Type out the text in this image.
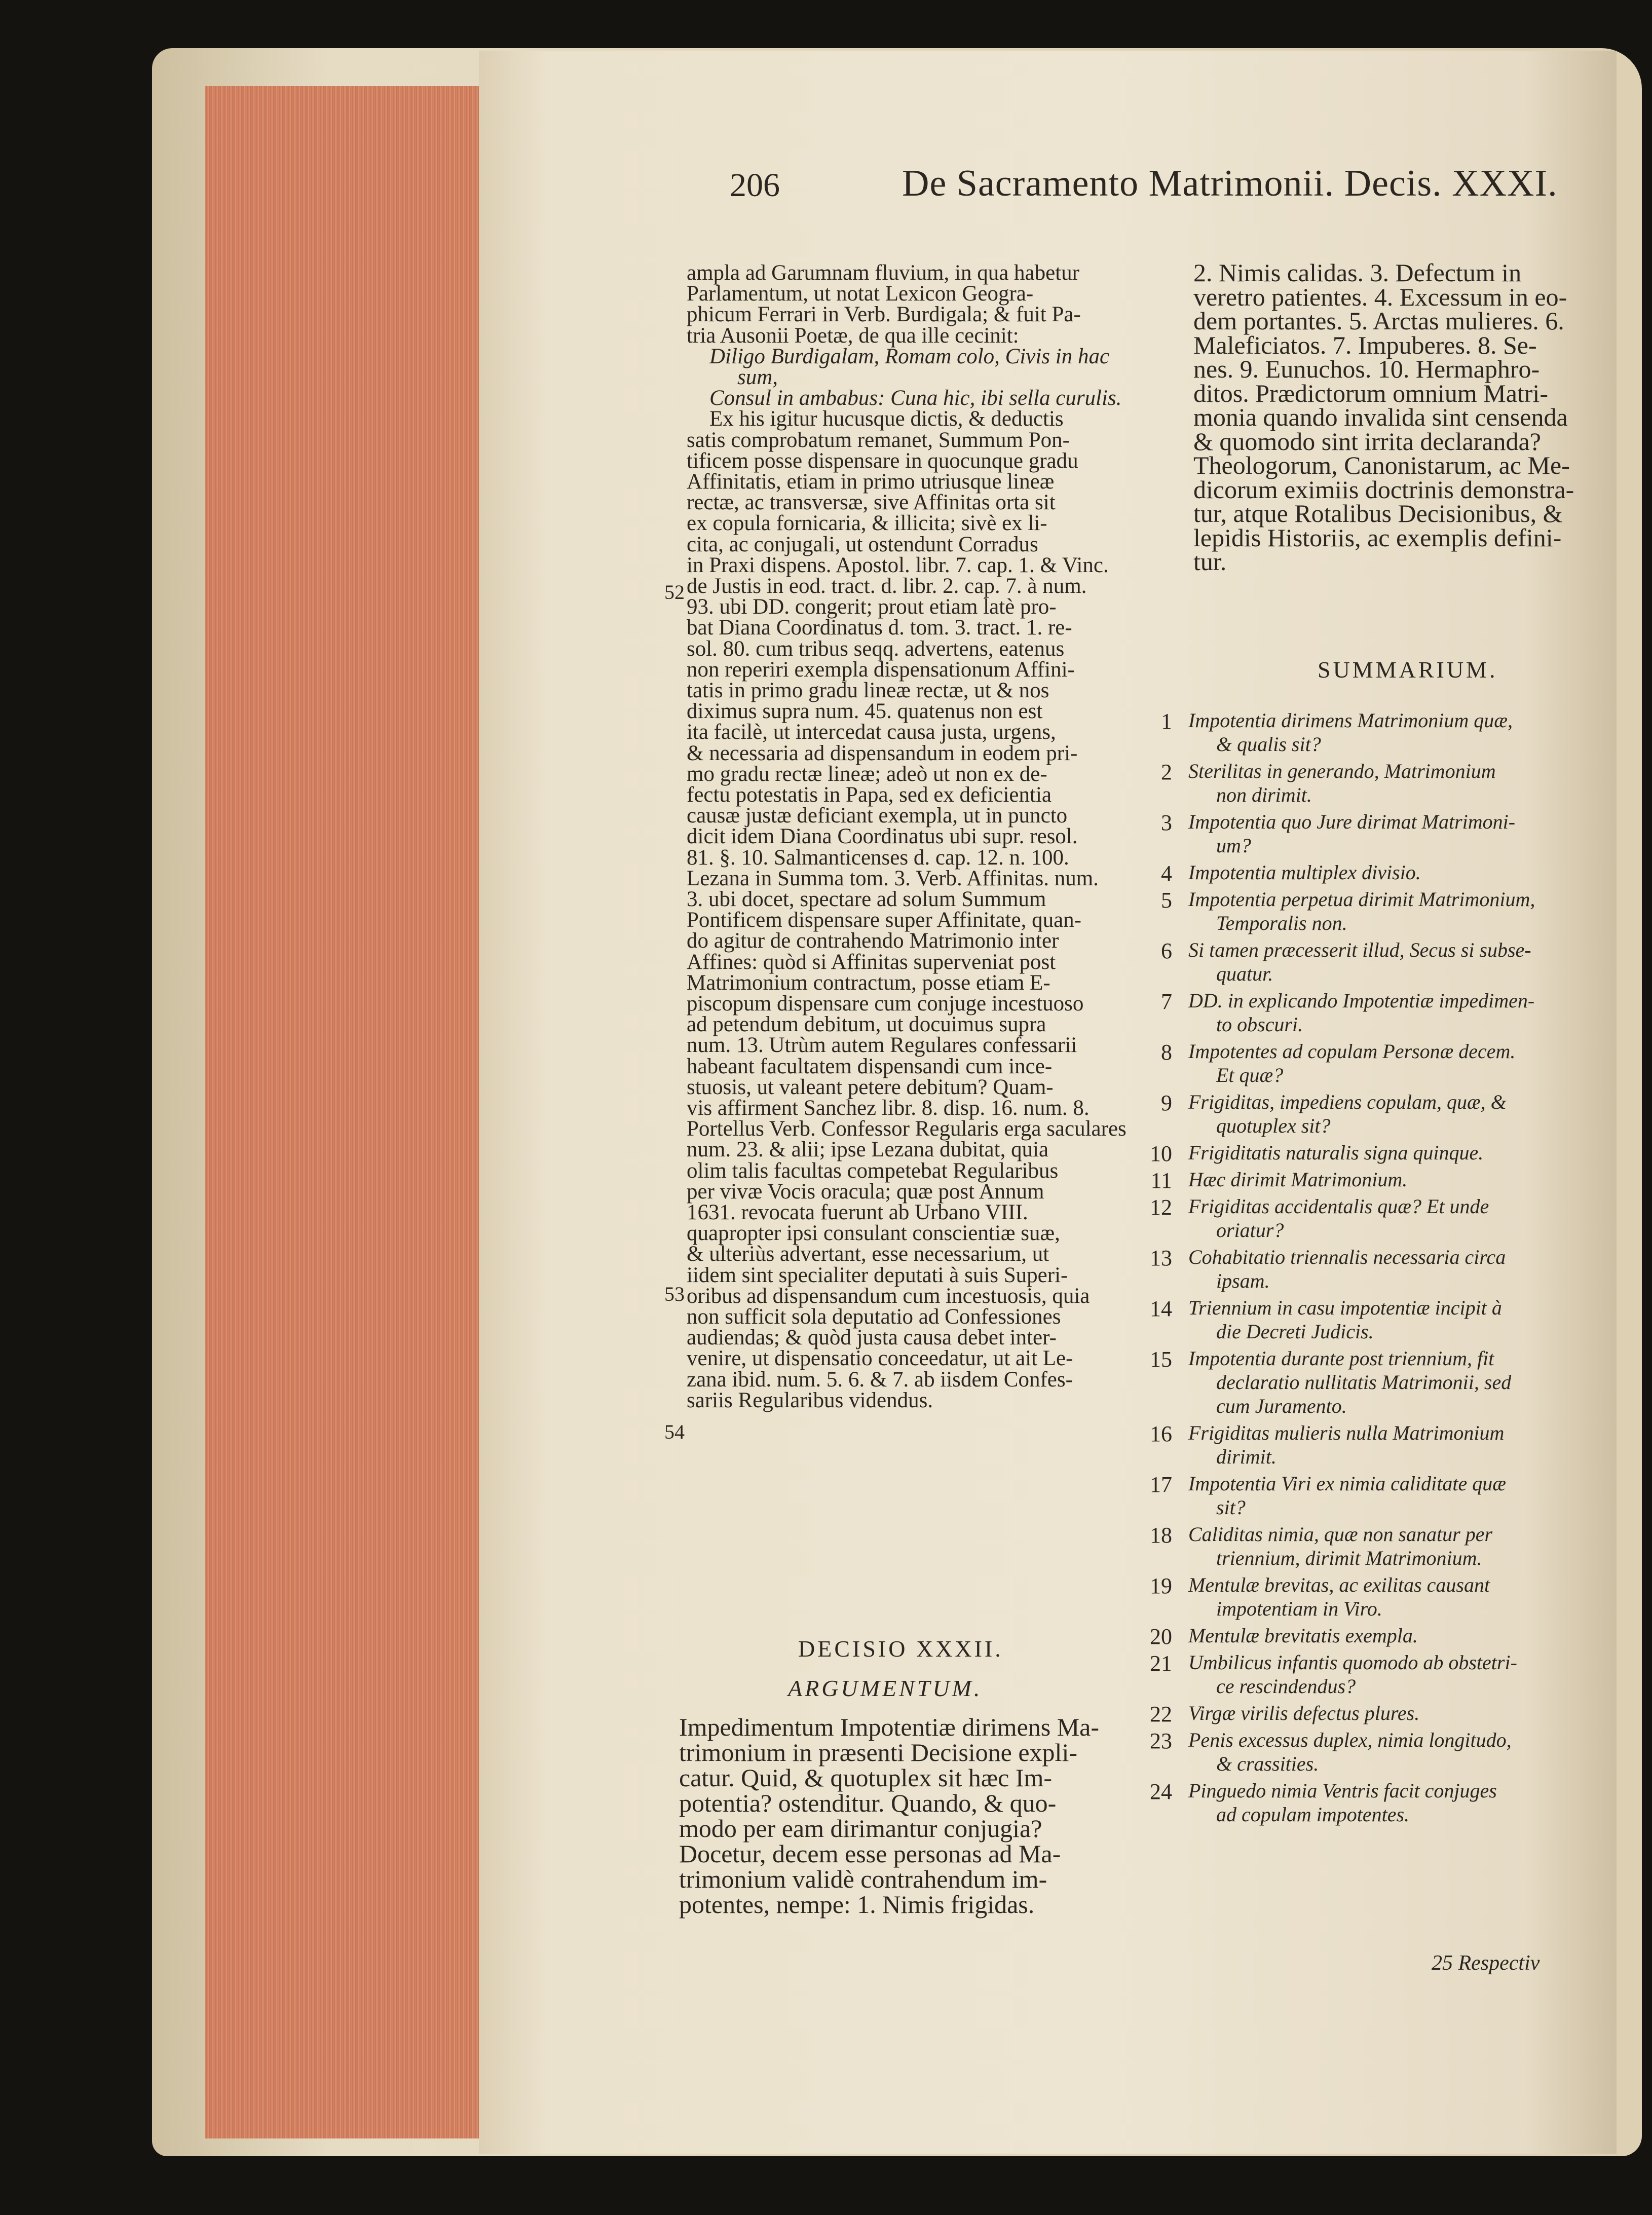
206	De Sacramento Matrimonii. Decis. XXXI.
ampla ad Garumnam fluvium, in qua habetur
Parlamentum, ut notat Lexicon Geogra-
phicum Ferrari in Verb. Burdigala; & fuit Pa-
tria Ausonii Poetæ, de qua ille cecinit:
Diligo Burdigalam, Romam colo, Civis in hac
sum,
Consul in ambabus: Cuna hic, ibi sella curulis.
Ex his igitur hucusque dictis, & deductis
satis comprobatum remanet, Summum Pon-
tificem posse dispensare in quocunque gradu
Affinitatis, etiam in primo utriusque lineæ
rectæ, ac transversæ, sive Affinitas orta sit
ex copula fornicaria, & illicita; sivè ex li-
cita, ac conjugali, ut ostendunt Corradus
in Praxi dispens. Apostol. libr. 7. cap. 1. & Vinc.
de Justis in eod. tract. d. libr. 2. cap. 7. à num.
93. ubi DD. congerit; prout etiam latè pro-
bat Diana Coordinatus d. tom. 3. tract. 1. re-
sol. 80. cum tribus seqq. advertens, eatenus
non reperiri exempla dispensationum Affini-
tatis in primo gradu lineæ rectæ, ut & nos
diximus supra num. 45. quatenus non est
ita facilè, ut intercedat causa justa, urgens,
& necessaria ad dispensandum in eodem pri-
mo gradu rectæ lineæ; adeò ut non ex de-
fectu potestatis in Papa, sed ex deficientia
causæ justæ deficiant exempla, ut in puncto
dicit idem Diana Coordinatus ubi supr. resol.
81. §. 10. Salmanticenses d. cap. 12. n. 100.
Lezana in Summa tom. 3. Verb. Affinitas. num.
3. ubi docet, spectare ad solum Summum
Pontificem dispensare super Affinitate, quan-
do agitur de contrahendo Matrimonio inter
Affines: quòd si Affinitas superveniat post
Matrimonium contractum, posse etiam E-
piscopum dispensare cum conjuge incestuoso
ad petendum debitum, ut docuimus supra
num. 13. Utrùm autem Regulares confessarii
habeant facultatem dispensandi cum ince-
stuosis, ut valeant petere debitum? Quam-
vis affirment Sanchez libr. 8. disp. 16. num. 8.
Portellus Verb. Confessor Regularis erga saculares
num. 23. & alii; ipse Lezana dubitat, quia
olim talis facultas competebat Regularibus
per vivæ Vocis oracula; quæ post Annum
1631. revocata fuerunt ab Urbano VIII.
quapropter ipsi consulant conscientiæ suæ,
& ulteriùs advertant, esse necessarium, ut
iidem sint specialiter deputati à suis Superi-
oribus ad dispensandum cum incestuosis, quia
non sufficit sola deputatio ad Confessiones
audiendas; & quòd justa causa debet inter-
venire, ut dispensatio conceedatur, ut ait Le-
zana ibid. num. 5. 6. & 7. ab iisdem Confes-
sariis Regularibus videndus.
52
53
54
DECISIO XXXII.
ARGUMENTUM.
Impedimentum Impotentiæ dirimens Ma-
trimonium in præsenti Decisione expli-
catur. Quid, & quotuplex sit hæc Im-
potentia? ostenditur. Quando, & quo-
modo per eam dirimantur conjugia?
Docetur, decem esse personas ad Ma-
trimonium validè contrahendum im-
potentes, nempe: 1. Nimis frigidas.
2. Nimis calidas. 3. Defectum in
veretro patientes. 4. Excessum in eo-
dem portantes. 5. Arctas mulieres. 6.
Maleficiatos. 7. Impuberes. 8. Se-
nes. 9. Eunuchos. 10. Hermaphro-
ditos. Prædictorum omnium Matri-
monia quando invalida sint censenda
& quomodo sint irrita declaranda?
Theologorum, Canonistarum, ac Me-
dicorum eximiis doctrinis demonstra-
tur, atque Rotalibus Decisionibus, &
lepidis Historiis, ac exemplis defini-
tur.
SUMMARIUM.
1 Impotentia dirimens Matrimonium quæ,
& qualis sit?
2 Sterilitas in generando, Matrimonium
non dirimit.
3 Impotentia quo Jure dirimat Matrimoni-
um?
4 Impotentia multiplex divisio.
5 Impotentia perpetua dirimit Matrimonium,
Temporalis non.
6 Si tamen præcesserit illud, Secus si subse-
quatur.
7 DD. in explicando Impotentiæ impedimen-
to obscuri.
8 Impotentes ad copulam Personæ decem.
Et quæ?
9 Frigiditas, impediens copulam, quæ, &
quotuplex sit?
10 Frigiditatis naturalis signa quinque.
11 Hæc dirimit Matrimonium.
12 Frigiditas accidentalis quæ? Et unde
oriatur?
13 Cohabitatio triennalis necessaria circa
ipsam.
14 Triennium in casu impotentiæ incipit à
die Decreti Judicis.
15 Impotentia durante post triennium, fit
declaratio nullitatis Matrimonii, sed
cum Juramento.
16 Frigiditas mulieris nulla Matrimonium
dirimit.
17 Impotentia Viri ex nimia caliditate quæ
sit?
18 Caliditas nimia, quæ non sanatur per
triennium, dirimit Matrimonium.
19 Mentulæ brevitas, ac exilitas causant
impotentiam in Viro.
20 Mentulæ brevitatis exempla.
21 Umbilicus infantis quomodo ab obstetri-
ce rescindendus?
22 Virgæ virilis defectus plures.
23 Penis excessus duplex, nimia longitudo,
& crassities.
24 Pinguedo nimia Ventris facit conjuges
ad copulam impotentes.
25 Respectiv
